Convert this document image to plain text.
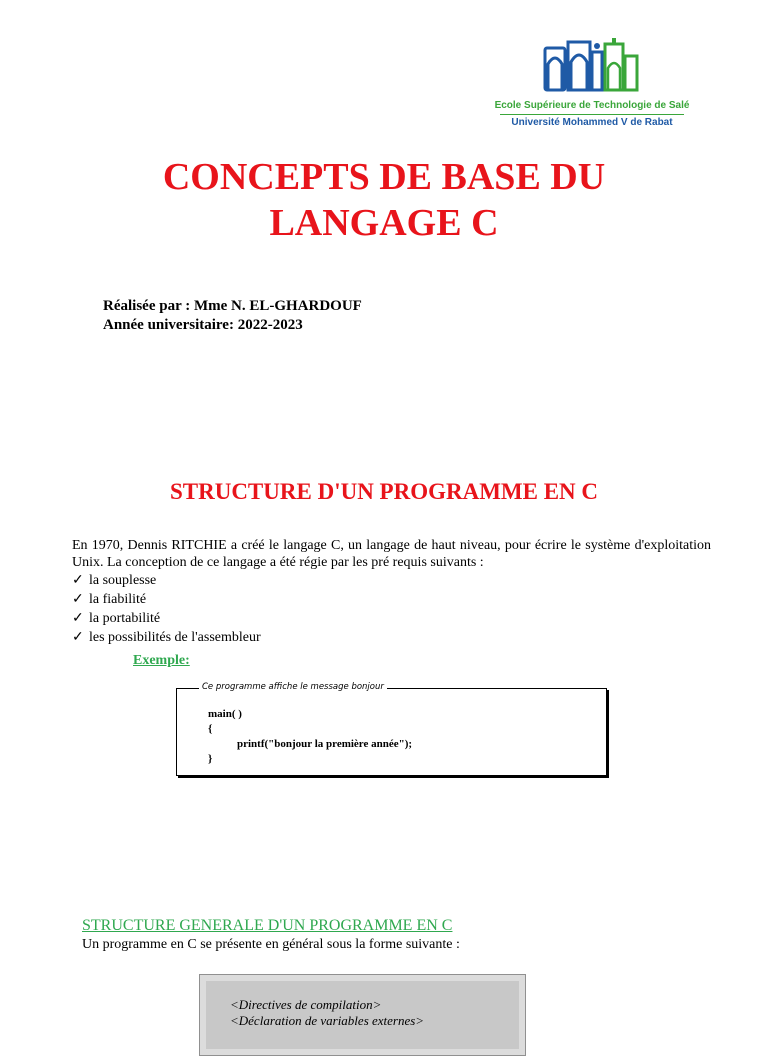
Ecole Supérieure de Technologie de Salé
Université Mohammed V de Rabat
CONCEPTS DE BASE DU
LANGAGE C
Réalisée par : Mme N. EL-GHARDOUF
Année universitaire: 2022-2023
STRUCTURE D'UN PROGRAMME EN C

En 1970, Dennis RITCHIE a créé le langage C, un langage de haut niveau, pour écrire le système d'exploitation Unix. La conception de ce langage a été régie par les pré requis suivants :

✓ la souplesse
✓ la fiabilité
✓ la portabilité
✓ les possibilités de l'assembleur
Exemple:
Ce programme affiche le message bonjour
main( )
{
printf("bonjour la première année");
}
STRUCTURE GENERALE D'UN PROGRAMME EN C

Un programme en C se présente en général sous la forme suivante :

<Directives de compilation>
<Déclaration de variables externes>
